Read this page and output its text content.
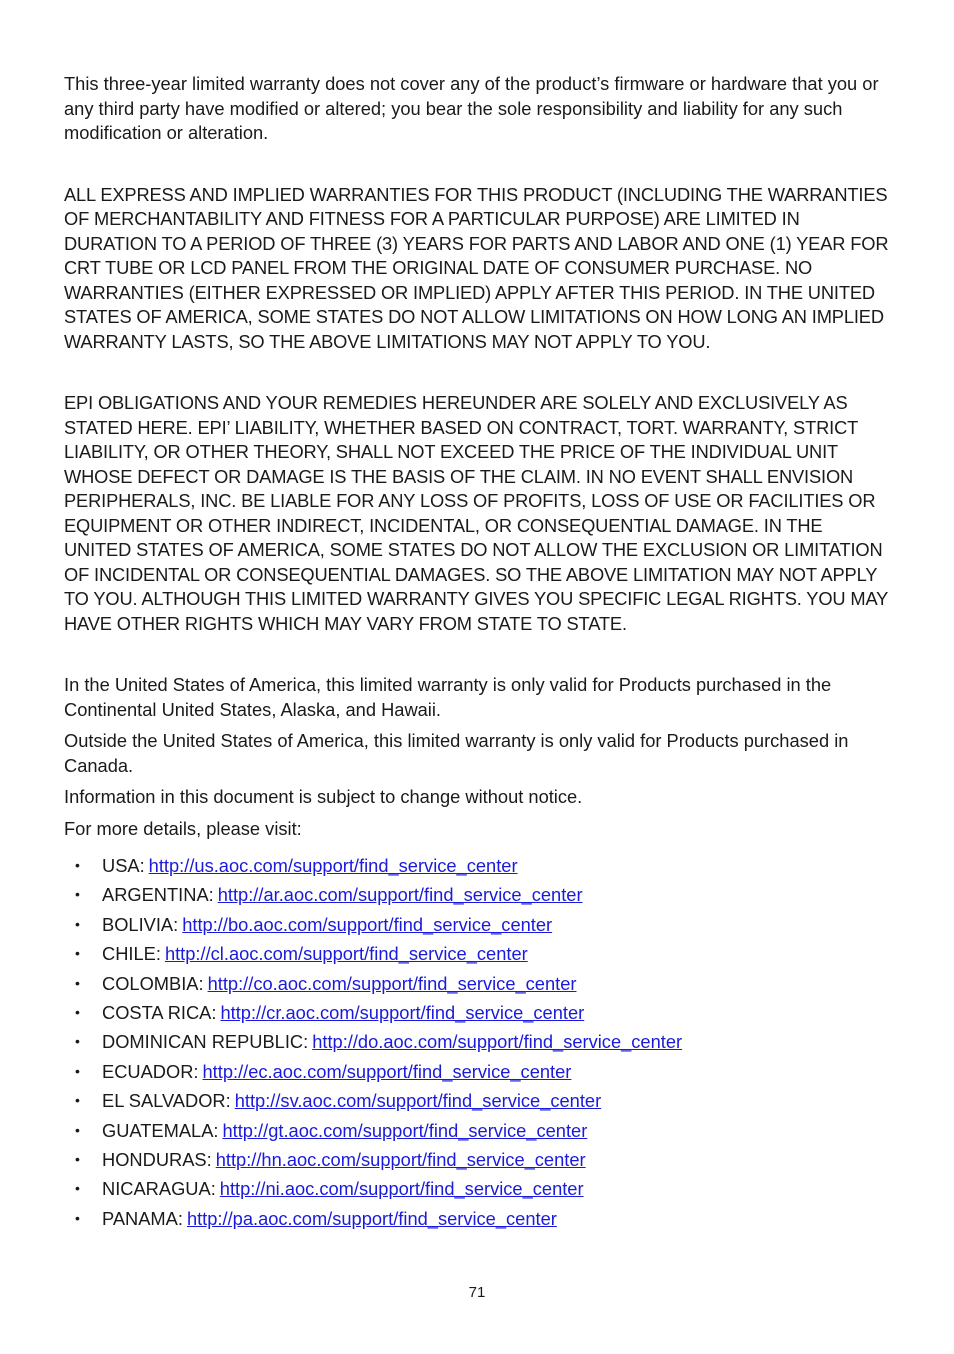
This three-year limited warranty does not cover any of the product’s firmware or hardware that you or any third party have modified or altered; you bear the sole responsibility and liability for any such modification or alteration.

ALL EXPRESS AND IMPLIED WARRANTIES FOR THIS PRODUCT (INCLUDING THE WARRANTIES OF MERCHANTABILITY AND FITNESS FOR A PARTICULAR PURPOSE) ARE LIMITED IN DURATION TO A PERIOD OF THREE (3) YEARS FOR PARTS AND LABOR AND ONE (1) YEAR FOR CRT TUBE OR LCD PANEL FROM THE ORIGINAL DATE OF CONSUMER PURCHASE. NO WARRANTIES (EITHER EXPRESSED OR IMPLIED) APPLY AFTER THIS PERIOD. IN THE UNITED STATES OF AMERICA, SOME STATES DO NOT ALLOW LIMITATIONS ON HOW LONG AN IMPLIED WARRANTY LASTS, SO THE ABOVE LIMITATIONS MAY NOT APPLY TO YOU.

EPI OBLIGATIONS AND YOUR REMEDIES HEREUNDER ARE SOLELY AND EXCLUSIVELY AS STATED HERE. EPI’ LIABILITY, WHETHER BASED ON CONTRACT, TORT. WARRANTY, STRICT LIABILITY, OR OTHER THEORY, SHALL NOT EXCEED THE PRICE OF THE INDIVIDUAL UNIT WHOSE DEFECT OR DAMAGE IS THE BASIS OF THE CLAIM. IN NO EVENT SHALL ENVISION PERIPHERALS, INC. BE LIABLE FOR ANY LOSS OF PROFITS, LOSS OF USE OR FACILITIES OR EQUIPMENT OR OTHER INDIRECT, INCIDENTAL, OR CONSEQUENTIAL DAMAGE. IN THE UNITED STATES OF AMERICA, SOME STATES DO NOT ALLOW THE EXCLUSION OR LIMITATION OF INCIDENTAL OR CONSEQUENTIAL DAMAGES. SO THE ABOVE LIMITATION MAY NOT APPLY TO YOU. ALTHOUGH THIS LIMITED WARRANTY GIVES YOU SPECIFIC LEGAL RIGHTS. YOU MAY HAVE OTHER RIGHTS WHICH MAY VARY FROM STATE TO STATE.

In the United States of America, this limited warranty is only valid for Products purchased in the Continental United States, Alaska, and Hawaii.

Outside the United States of America, this limited warranty is only valid for Products purchased in Canada.

Information in this document is subject to change without notice.

For more details, please visit:

• USA: http://us.aoc.com/support/find_service_center
• ARGENTINA: http://ar.aoc.com/support/find_service_center
• BOLIVIA: http://bo.aoc.com/support/find_service_center
• CHILE: http://cl.aoc.com/support/find_service_center
• COLOMBIA: http://co.aoc.com/support/find_service_center
• COSTA RICA: http://cr.aoc.com/support/find_service_center
• DOMINICAN REPUBLIC: http://do.aoc.com/support/find_service_center
• ECUADOR: http://ec.aoc.com/support/find_service_center
• EL SALVADOR: http://sv.aoc.com/support/find_service_center
• GUATEMALA: http://gt.aoc.com/support/find_service_center
• HONDURAS: http://hn.aoc.com/support/find_service_center
• NICARAGUA: http://ni.aoc.com/support/find_service_center
• PANAMA: http://pa.aoc.com/support/find_service_center
71
